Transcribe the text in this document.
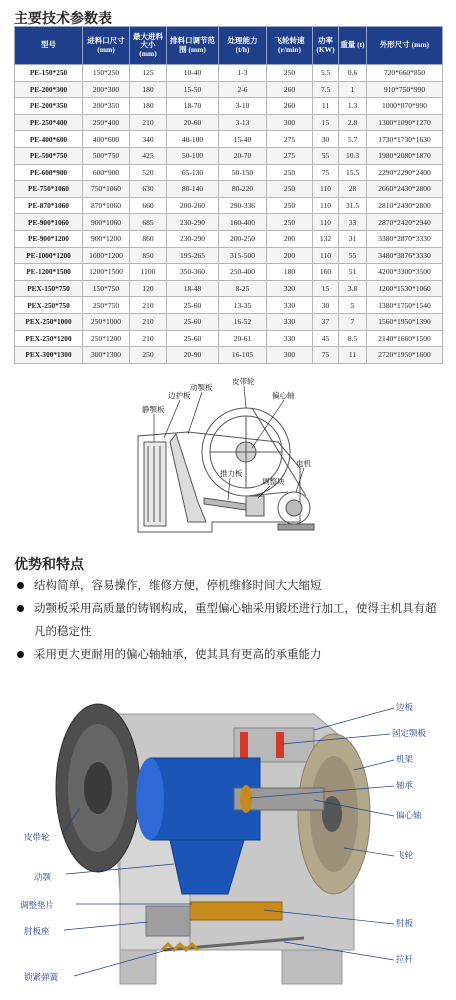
主要技术参数表
型号	进料口尺寸 (mm)	最大进料大小 (mm)	排料口调节范围 (mm)	处理能力 (t/h)	飞轮转速 (r/min)	功率 (KW)	重量 (t)	外形尺寸 (mm)
PE-150*250	150*250	125	10-40	1-3	250	5.5	0.6	720*660*850
PE-200*300	200*300	180	15-50	2-6	260	7.5	1	910*750*990
PE-200*350	200*350	180	18-70	3-10	260	11	1.3	1000*870*990
PE-250*400	250*400	210	20-60	3-13	300	15	2.8	1300*1090*1270
PE-400*600	400*600	340	40-100	15-40	275	30	5.7	1730*1730*1630
PE-500*750	500*750	425	50-100	20-70	275	55	10.3	1980*2080*1870
PE-600*900	600*900	520	65-130	50-150	250	75	15.5	2290*2290*2400
PE-750*1060	750*1060	630	80-140	80-220	250	110	28	2660*2430*2800
PE-870*1060	870*1060	660	200-260	290-336	250	110	31.5	2810*2430*2800
PE-900*1060	900*1060	685	230-290	160-400	250	110	33	2870*2420*2940
PE-900*1200	900*1200	860	230-290	200-250	200	132	31	3380*2870*3330
PE-1000*1200	1000*1200	850	195-265	315-500	200	110	55	3480*3876*3330
PE-1200*1500	1200*1500	1100	350-360	250-400	180	160	51	4200*3300*3500
PEX-150*750	150*750	120	18-48	8-25	320	15	3.8	1200*1530*1060
PEX-250*750	250*750	210	25-60	13-35	330	30	5	1380*1750*1540
PEX-250*1000	250*1000	210	25-60	16-52	330	37	7	1560*1950*1390
PEX-250*1200	250*1200	210	25-60	20-61	330	45	8.5	2140*1660*1500
PEX-300*1300	300*1300	250	20-90	16-105	300	75	11	2720*1950*1600
边护板
动颚板
皮带轮
偏心轴
静颚板
推力板
调整块
电机
优势和特点
结构简单，容易操作，维修方便，停机维修时间大大缩短
动颚板采用高质量的铸钢构成，重型偏心轴采用锻坯进行加工，使得主机具有超凡的稳定性
采用更大更耐用的偏心轴轴承，使其具有更高的承重能力
边板
固定颚板
机架
轴承
偏心轴
飞轮
肘板
拉杆
皮带轮
动颚
调整垫片
肘板座
锁紧弹簧
